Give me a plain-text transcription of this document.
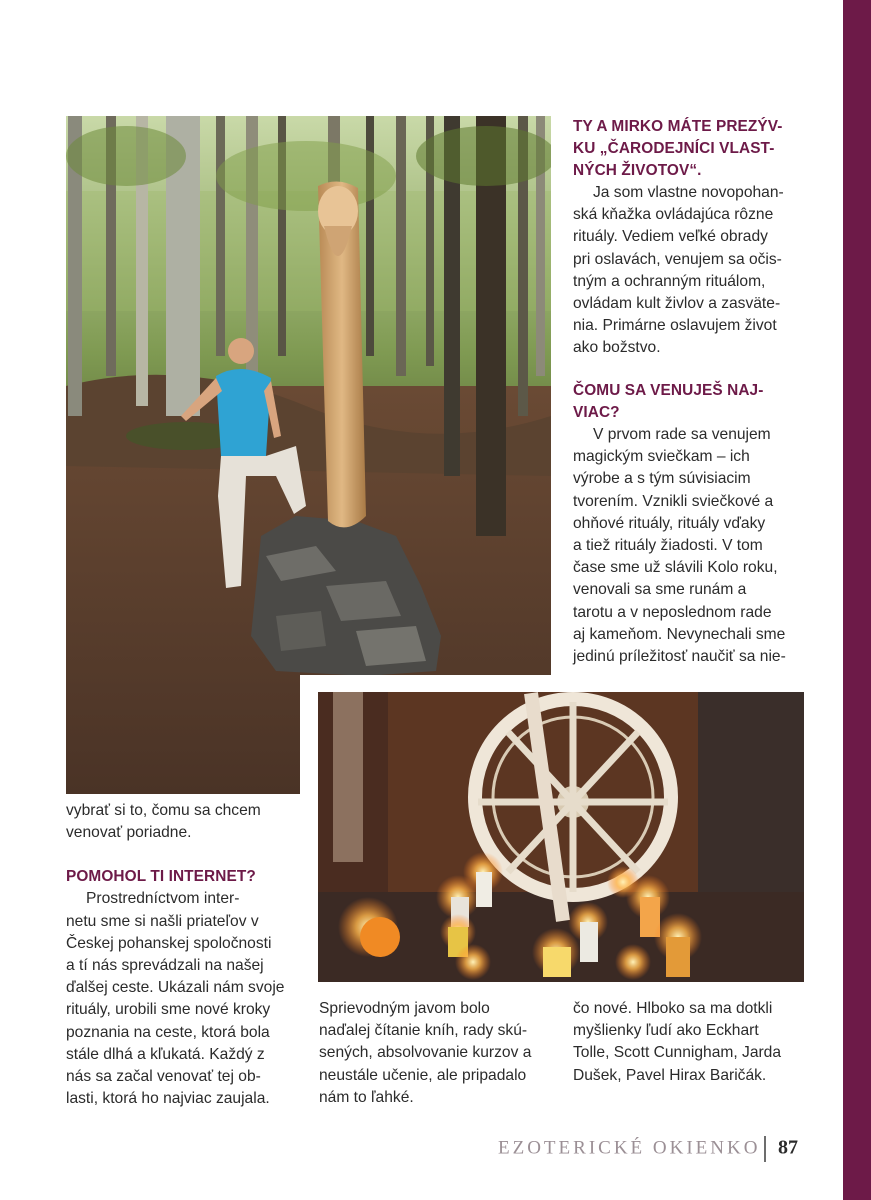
TY A MIRKO MÁTE PREZÝV-
KU „ČARODEJNÍCI VLAST-
NÝCH ŽIVOTOV“.
Ja som vlastne novopohan-
ská kňažka ovládajúca rôzne
rituály. Vediem veľké obrady
pri oslavách, venujem sa očis-
tným a ochranným rituálom,
ovládam kult živlov a zasväte-
nia. Primárne oslavujem život
ako božstvo.
ČOMU SA VENUJEŠ NAJ-
VIAC?
V prvom rade sa venujem
magickým sviečkam – ich
výrobe a s tým súvisiacim
tvorením. Vznikli sviečkové a
ohňové rituály, rituály vďaky
a tiež rituály žiadosti. V tom
čase sme už slávili Kolo roku,
venovali sa sme runám a
tarotu a v neposlednom rade
aj kameňom. Nevynechali sme
jedinú príležitosť naučiť sa nie-
vybrať si to, čomu sa chcem
venovať poriadne.
POMOHOL TI INTERNET?
Prostredníctvom inter-
netu sme si našli priateľov v
Českej pohanskej spoločnosti
a tí nás sprevádzali na našej
ďalšej ceste. Ukázali nám svoje
rituály, urobili sme nové kroky
poznania na ceste, ktorá bola
stále dlhá a kľukatá. Každý z
nás sa začal venovať tej ob-
lasti, ktorá ho najviac zaujala.
Sprievodným javom bolo
naďalej čítanie kníh, rady skú-
sených, absolvovanie kurzov a
neustále učenie, ale pripadalo
nám to ľahké.
čo nové. Hlboko sa ma dotkli
myšlienky ľudí ako Eckhart
Tolle, Scott Cunnigham, Jarda
Dušek, Pavel Hirax Baričák.
EZOTERICKÉ OKIENKO 87
